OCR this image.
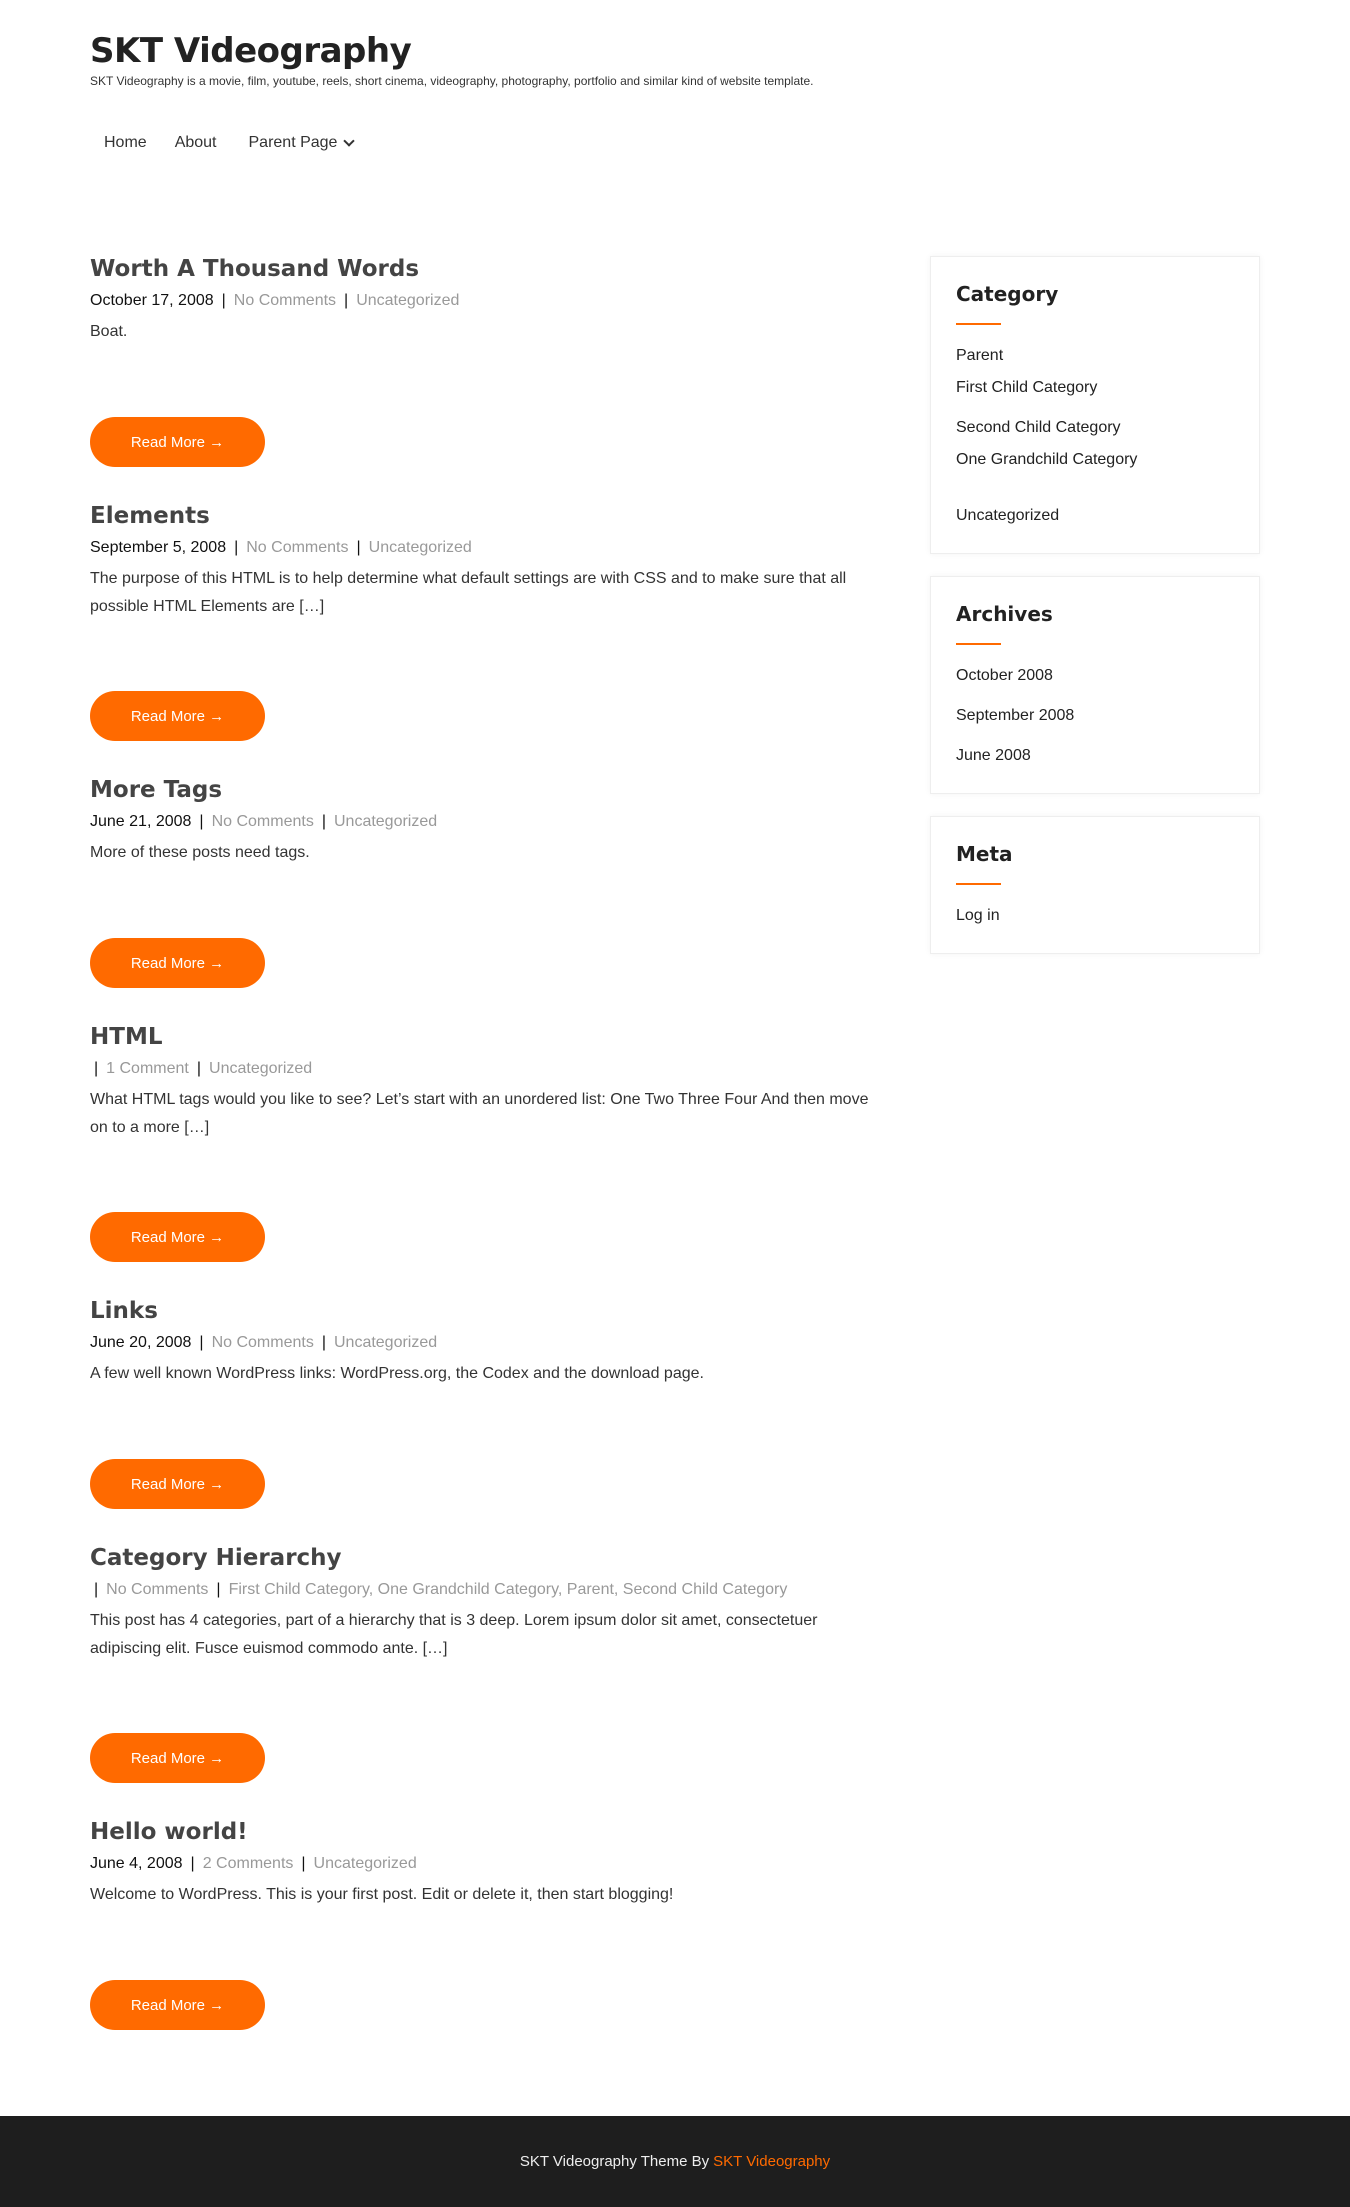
SKT Videography
SKT Videography is a movie, film, youtube, reels, short cinema, videography, photography, portfolio and similar kind of website template.
Home	About	Parent Page
Worth A Thousand Words
October 17, 2008 | No Comments | Uncategorized

Boat.

Read More →
Elements
September 5, 2008 | No Comments | Uncategorized

The purpose of this HTML is to help determine what default settings are with CSS and to make sure that all possible HTML Elements are […]

Read More →
More Tags
June 21, 2008 | No Comments | Uncategorized

More of these posts need tags.

Read More →
HTML
| 1 Comment | Uncategorized

What HTML tags would you like to see? Let’s start with an unordered list: One Two Three Four And then move on to a more […]

Read More →
Links
June 20, 2008 | No Comments | Uncategorized

A few well known WordPress links: WordPress.org, the Codex and the download page.

Read More →
Category Hierarchy
| No Comments | First Child Category, One Grandchild Category, Parent, Second Child Category

This post has 4 categories, part of a hierarchy that is 3 deep. Lorem ipsum dolor sit amet, consectetuer adipiscing elit. Fusce euismod commodo ante. […]

Read More →
Hello world!
June 4, 2008 | 2 Comments | Uncategorized

Welcome to WordPress. This is your first post. Edit or delete it, then start blogging!

Read More →
Category
Parent
First Child Category
Second Child Category
One Grandchild Category
Uncategorized
Archives
October 2008
September 2008
June 2008
Meta
Log in
SKT Videography Theme By SKT Videography
